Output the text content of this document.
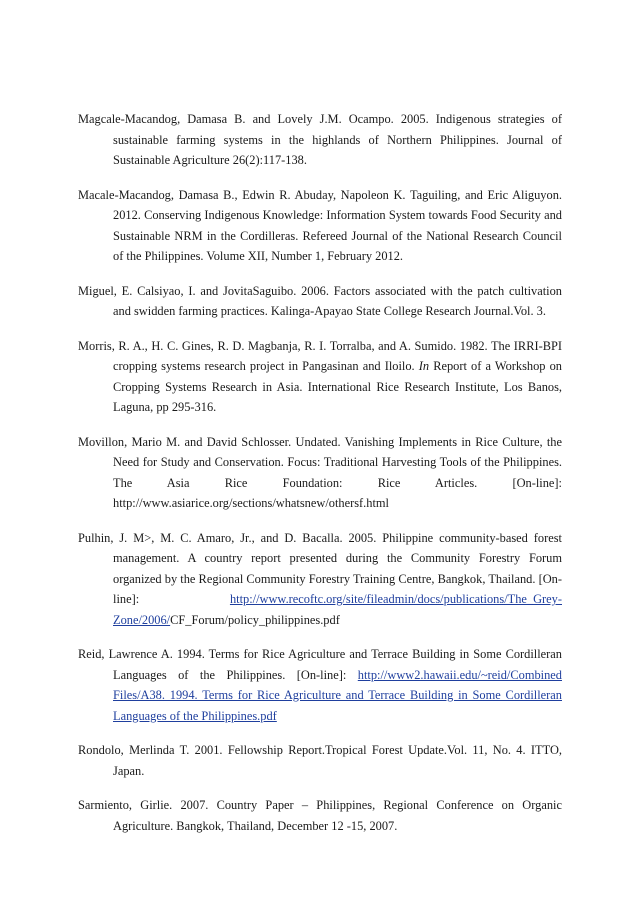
Magcale-Macandog, Damasa B. and Lovely J.M. Ocampo. 2005. Indigenous strategies of sustainable farming systems in the highlands of Northern Philippines. Journal of Sustainable Agriculture 26(2):117-138.

Macale-Macandog, Damasa B., Edwin R. Abuday, Napoleon K. Taguiling, and Eric Aliguyon. 2012. Conserving Indigenous Knowledge: Information System towards Food Security and Sustainable NRM in the Cordilleras. Refereed Journal of the National Research Council of the Philippines. Volume XII, Number 1, February 2012.

Miguel, E. Calsiyao, I. and JovitaSaguibo. 2006. Factors associated with the patch cultivation and swidden farming practices. Kalinga-Apayao State College Research Journal.Vol. 3.

Morris, R. A., H. C. Gines, R. D. Magbanja, R. I. Torralba, and A. Sumido. 1982. The IRRI-BPI cropping systems research project in Pangasinan and Iloilo. In Report of a Workshop on Cropping Systems Research in Asia. International Rice Research Institute, Los Banos, Laguna, pp 295-316.

Movillon, Mario M. and David Schlosser. Undated. Vanishing Implements in Rice Culture, the Need for Study and Conservation. Focus: Traditional Harvesting Tools of the Philippines. The Asia Rice Foundation: Rice Articles. [On-line]: http://www.asiarice.org/sections/whatsnew/othersf.html

Pulhin, J. M>, M. C. Amaro, Jr., and D. Bacalla. 2005. Philippine community-based forest management. A country report presented during the Community Forestry Forum organized by the Regional Community Forestry Training Centre, Bangkok, Thailand. [On-line]: http://www.recoftc.org/site/fileadmin/docs/publications/The_Grey-Zone/2006/CF_Forum/policy_philippines.pdf

Reid, Lawrence A. 1994. Terms for Rice Agriculture and Terrace Building in Some Cordilleran Languages of the Philippines. [On-line]: http://www2.hawaii.edu/~reid/Combined Files/A38. 1994. Terms for Rice Agriculture and Terrace Building in Some Cordilleran Languages of the Philippines.pdf

Rondolo, Merlinda T. 2001. Fellowship Report.Tropical Forest Update.Vol. 11, No. 4. ITTO, Japan.

Sarmiento, Girlie. 2007. Country Paper – Philippines, Regional Conference on Organic Agriculture. Bangkok, Thailand, December 12 -15, 2007.
